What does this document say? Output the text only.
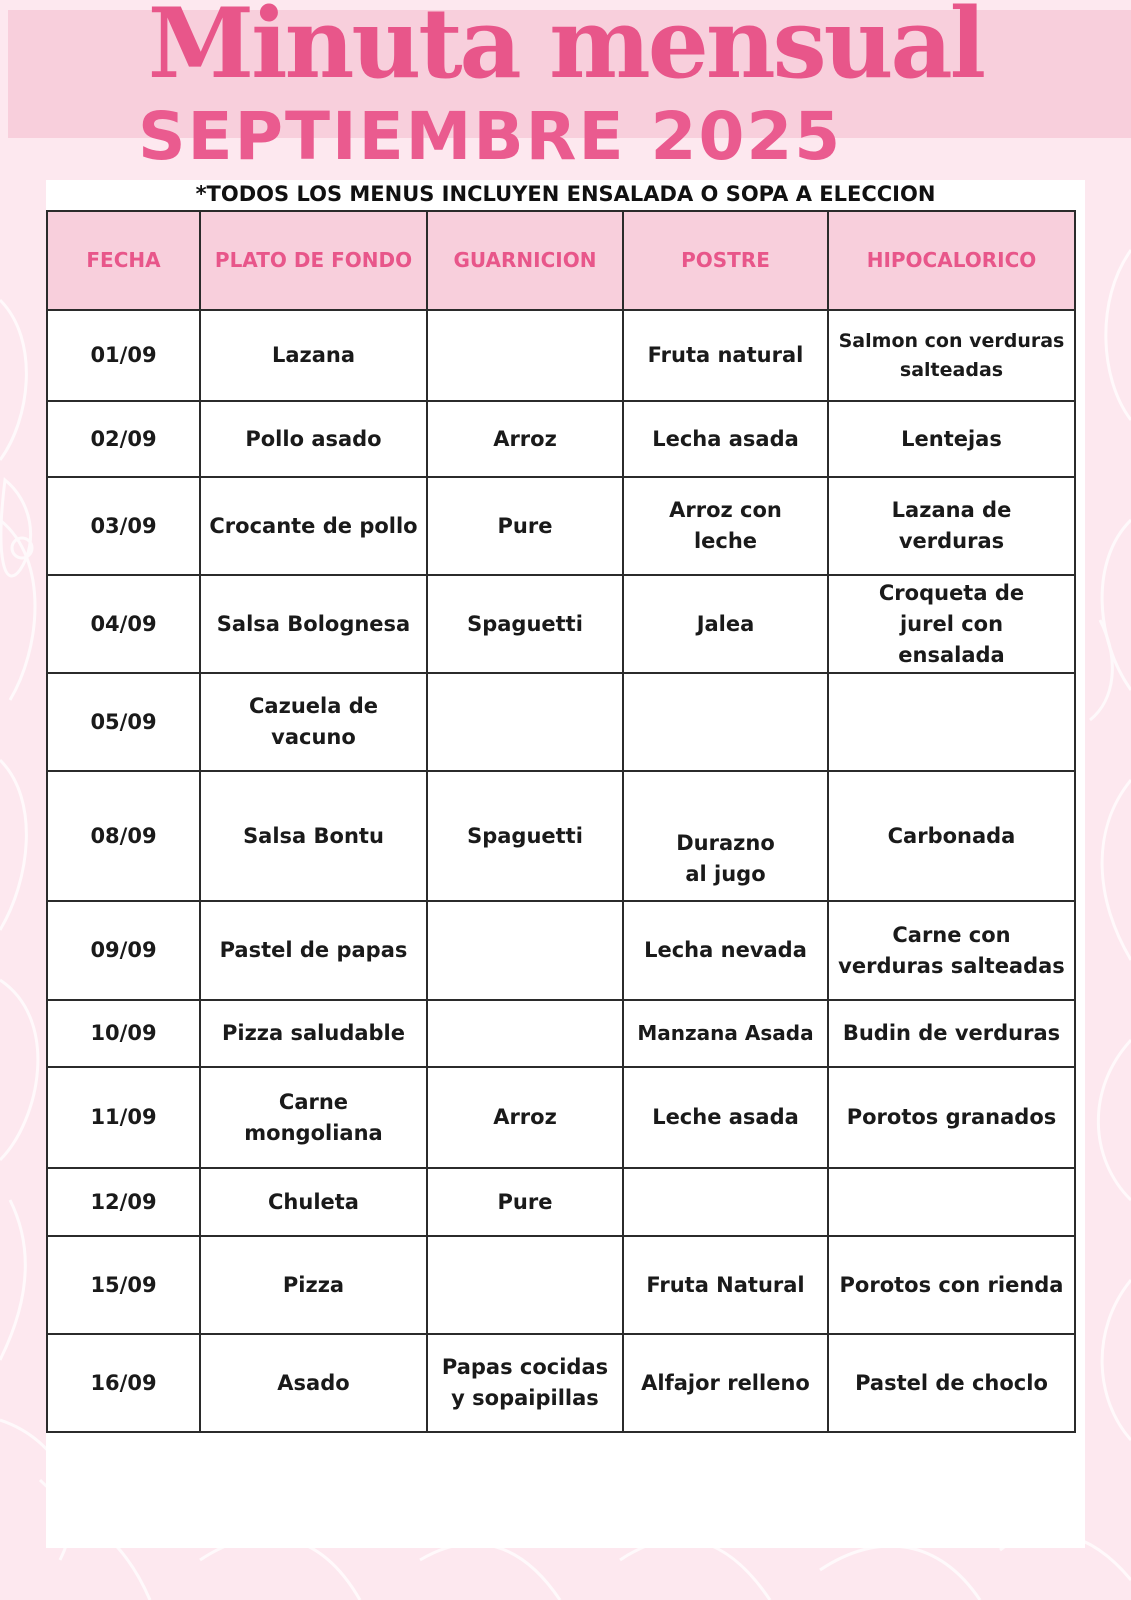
Minuta mensual
SEPTIEMBRE 2025
*TODOS LOS MENUS INCLUYEN ENSALADA O SOPA A ELECCION
FECHA	PLATO DE FONDO	GUARNICION	POSTRE	HIPOCALORICO
01/09	Lazana		Fruta natural	Salmon con verduras salteadas
02/09	Pollo asado	Arroz	Lecha asada	Lentejas
03/09	Crocante de pollo	Pure	Arroz con leche	Lazana de verduras
04/09	Salsa Bolognesa	Spaguetti	Jalea	Croqueta de jurel con ensalada
05/09	Cazuela de vacuno			
08/09	Salsa Bontu	Spaguetti	Durazno al jugo	Carbonada
09/09	Pastel de papas		Lecha nevada	Carne con verduras salteadas
10/09	Pizza saludable		Manzana Asada	Budin de verduras
11/09	Carne mongoliana	Arroz	Leche asada	Porotos granados
12/09	Chuleta	Pure		
15/09	Pizza		Fruta Natural	Porotos con rienda
16/09	Asado	Papas cocidas y sopaipillas	Alfajor relleno	Pastel de choclo
